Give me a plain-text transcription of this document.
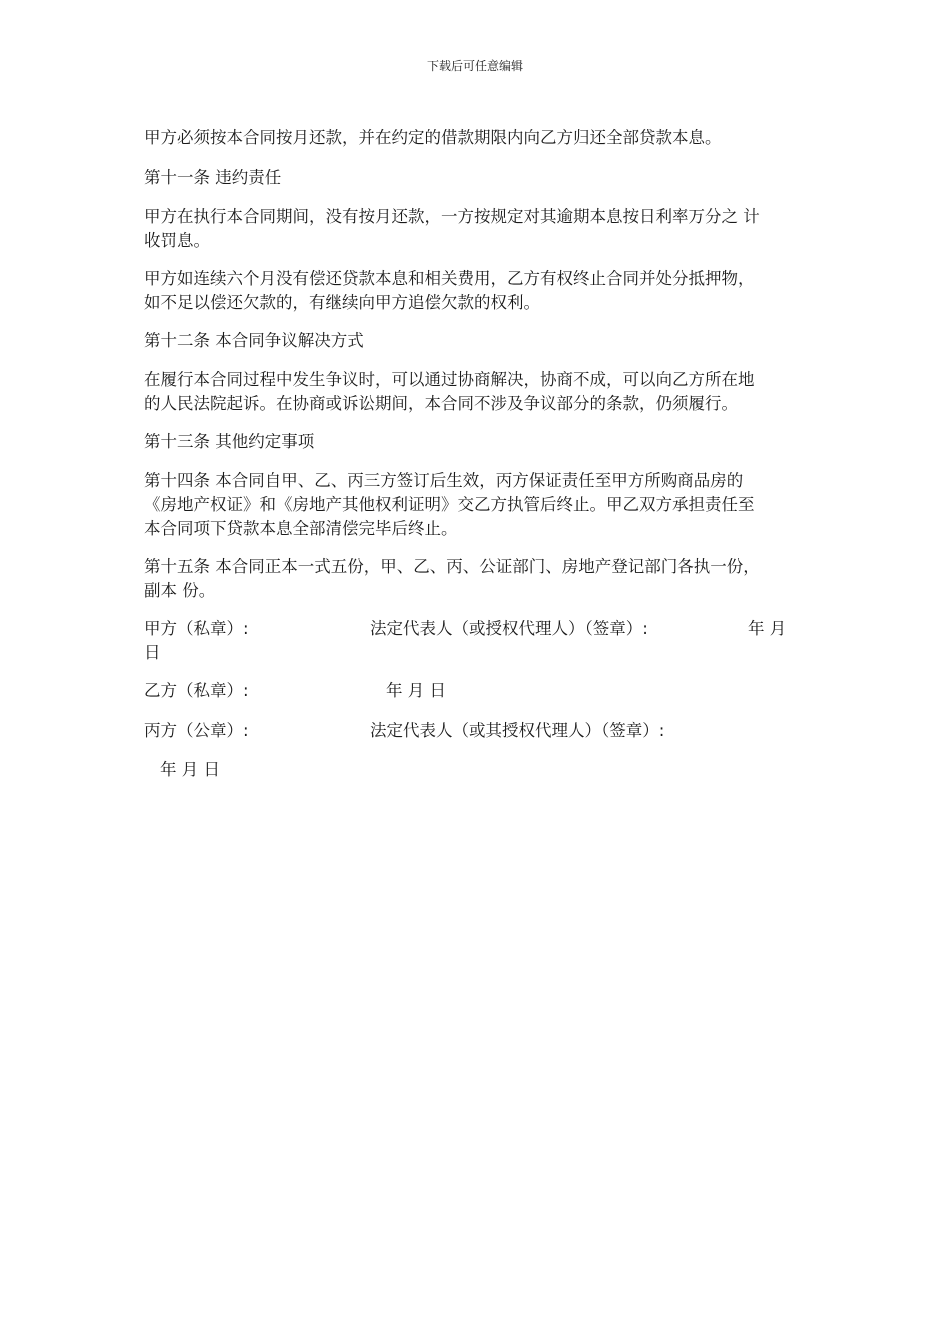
下载后可任意编辑

甲方必须按本合同按月还款，并在约定的借款期限内向乙方归还全部贷款本息。

第十一条 违约责任

甲方在执行本合同期间，没有按月还款，一方按规定对其逾期本息按日利率万分之 计
收罚息。

甲方如连续六个月没有偿还贷款本息和相关费用，乙方有权终止合同并处分抵押物，
如不足以偿还欠款的，有继续向甲方追偿欠款的权利。

第十二条 本合同争议解决方式

在履行本合同过程中发生争议时，可以通过协商解决，协商不成，可以向乙方所在地
的人民法院起诉。在协商或诉讼期间，本合同不涉及争议部分的条款，仍须履行。

第十三条 其他约定事项

第十四条 本合同自甲、乙、丙三方签订后生效，丙方保证责任至甲方所购商品房的
《房地产权证》和《房地产其他权利证明》交乙方执管后终止。甲乙双方承担责任至
本合同项下贷款本息全部清偿完毕后终止。

第十五条 本合同正本一式五份，甲、乙、丙、公证部门、房地产登记部门各执一份，
副本 份。

甲方（私章）:	法定代表人（或授权代理人）（签章）:	年 月
日
乙方（私章）:	年 月 日
丙方（公章）:	法定代表人（或其授权代理人）（签章）:
年 月 日
